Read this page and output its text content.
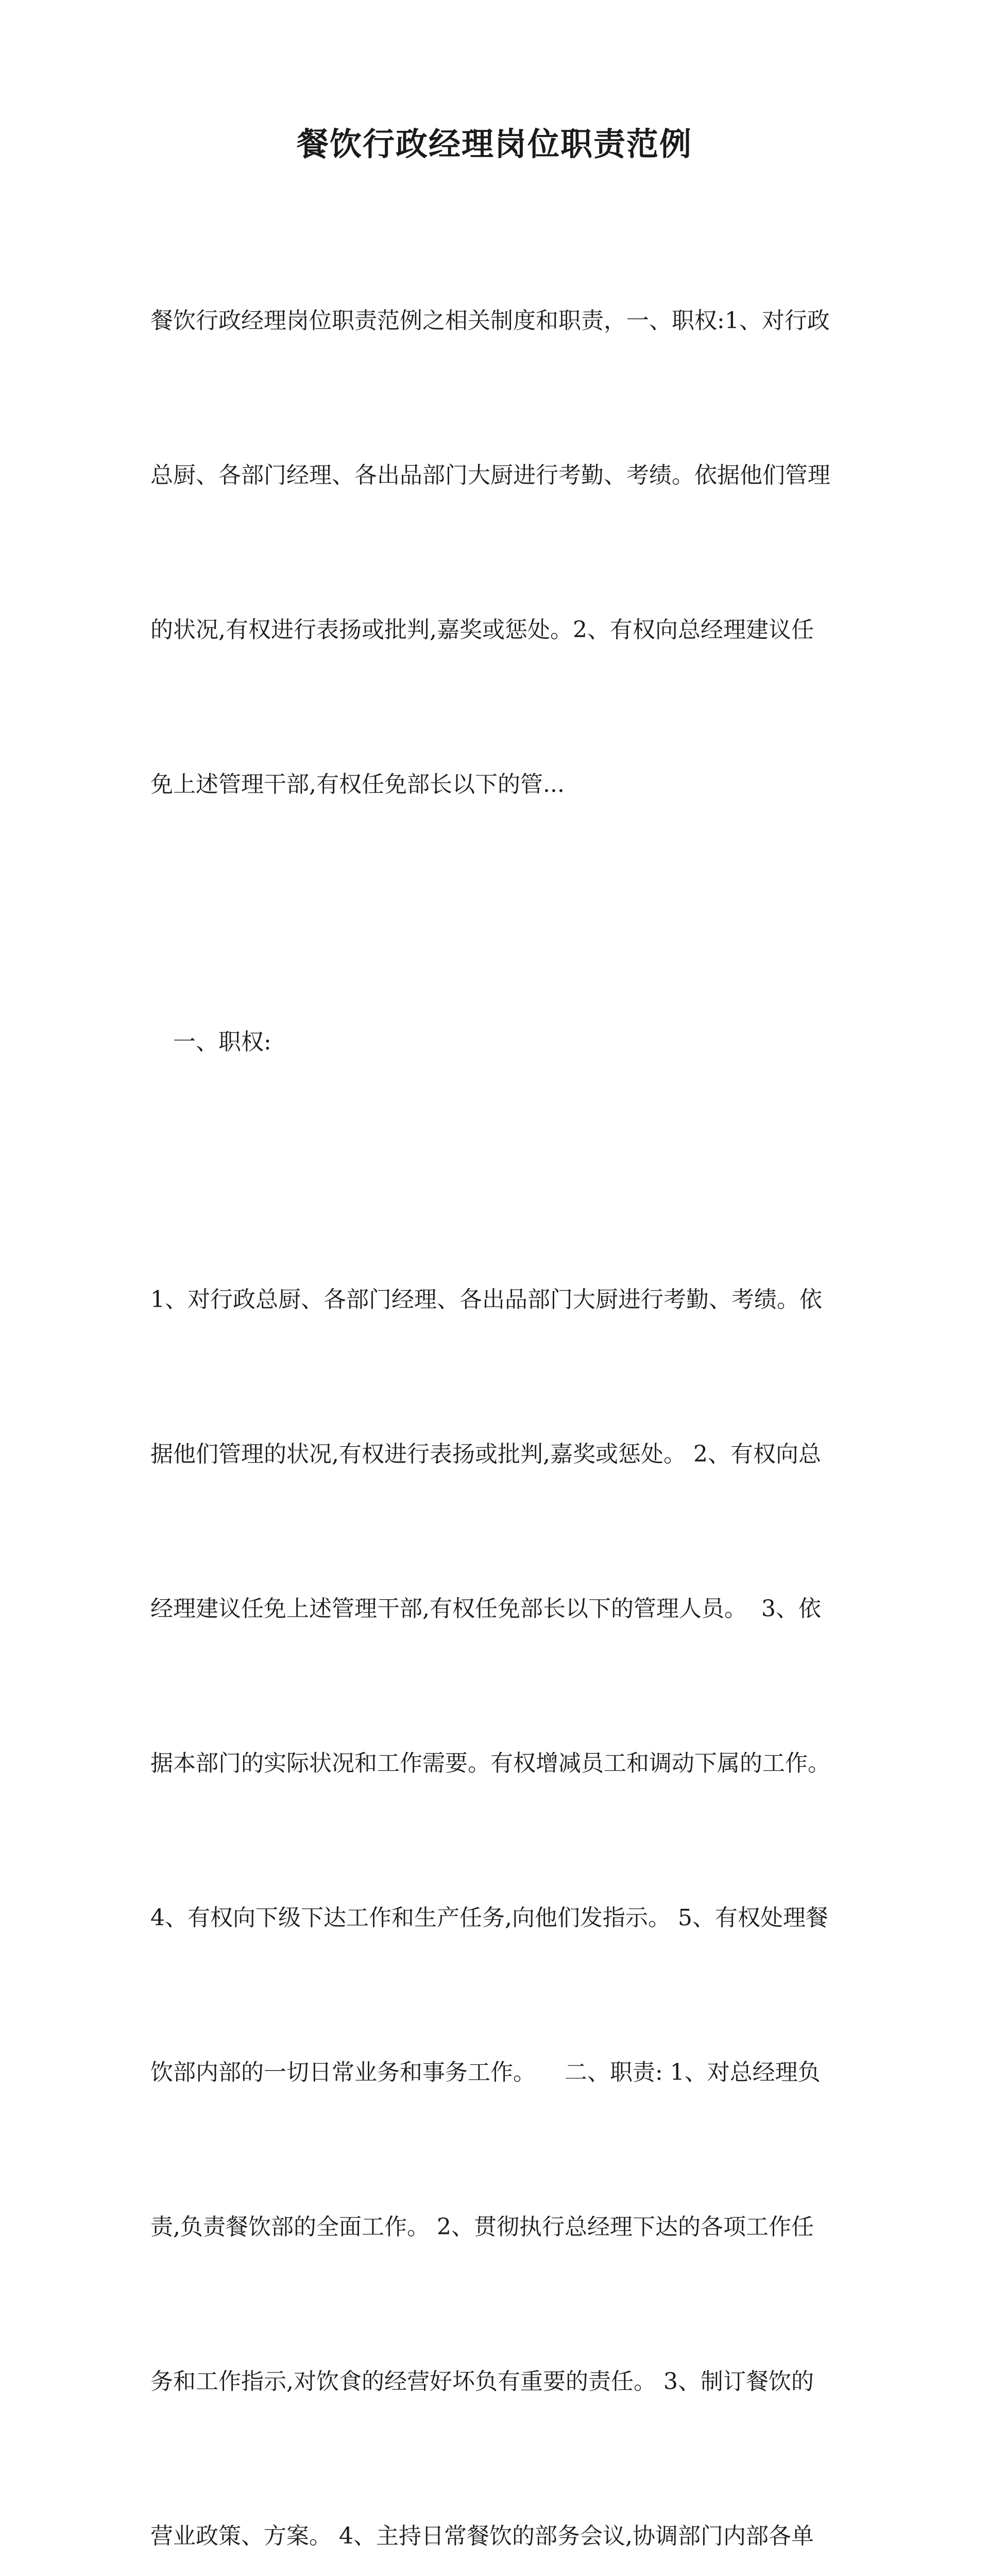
餐饮行政经理岗位职责范例

餐饮行政经理岗位职责范例之相关制度和职责，一、职权:1、对行政

总厨、各部门经理、各出品部门大厨进行考勤、考绩。依据他们管理

的状况,有权进行表扬或批判,嘉奖或惩处。2、有权向总经理建议任

免上述管理干部,有权任免部长以下的管...

一、职权:

1、对行政总厨、各部门经理、各出品部门大厨进行考勤、考绩。依

据他们管理的状况,有权进行表扬或批判,嘉奖或惩处。 2、有权向总

经理建议任免上述管理干部,有权任免部长以下的管理人员。  3、依

据本部门的实际状况和工作需要。有权增减员工和调动下属的工作。

4、有权向下级下达工作和生产任务,向他们发指示。 5、有权处理餐

饮部内部的一切日常业务和事务工作。    二、职责: 1、对总经理负

责,负责餐饮部的全面工作。 2、贯彻执行总经理下达的各项工作任

务和工作指示,对饮食的经营好坏负有重要的责任。 3、制订餐饮的

营业政策、方案。 4、主持日常餐饮的部务会议,协调部门内部各单
